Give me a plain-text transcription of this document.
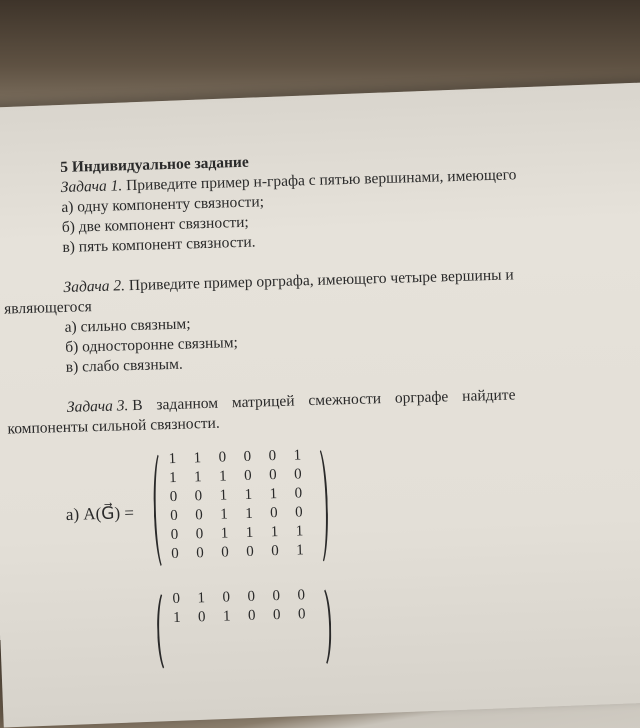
5 Индивидуальное задание
Задача 1. Приведите пример н-графа с пятью вершинами, имеющего
а) одну компоненту связности;
б) две компонент связности;
в) пять компонент связности.
Задача 2. Приведите пример орграфа, имеющего четыре вершины и
являющегося
а) сильно связным;
б) односторонне связным;
в) слабо связным.
Задача 3. В заданном матрицей смежности орграфе найдите
компоненты сильной связности.
а) A(G⃗) =
1 1 0 0 0 1
1 1 1 0 0 0
0 0 1 1 1 0
0 0 1 1 0 0
0 0 1 1 1 1
0 0 0 0 0 1
0 1 0 0 0 0
1 0 1 0 0 0
